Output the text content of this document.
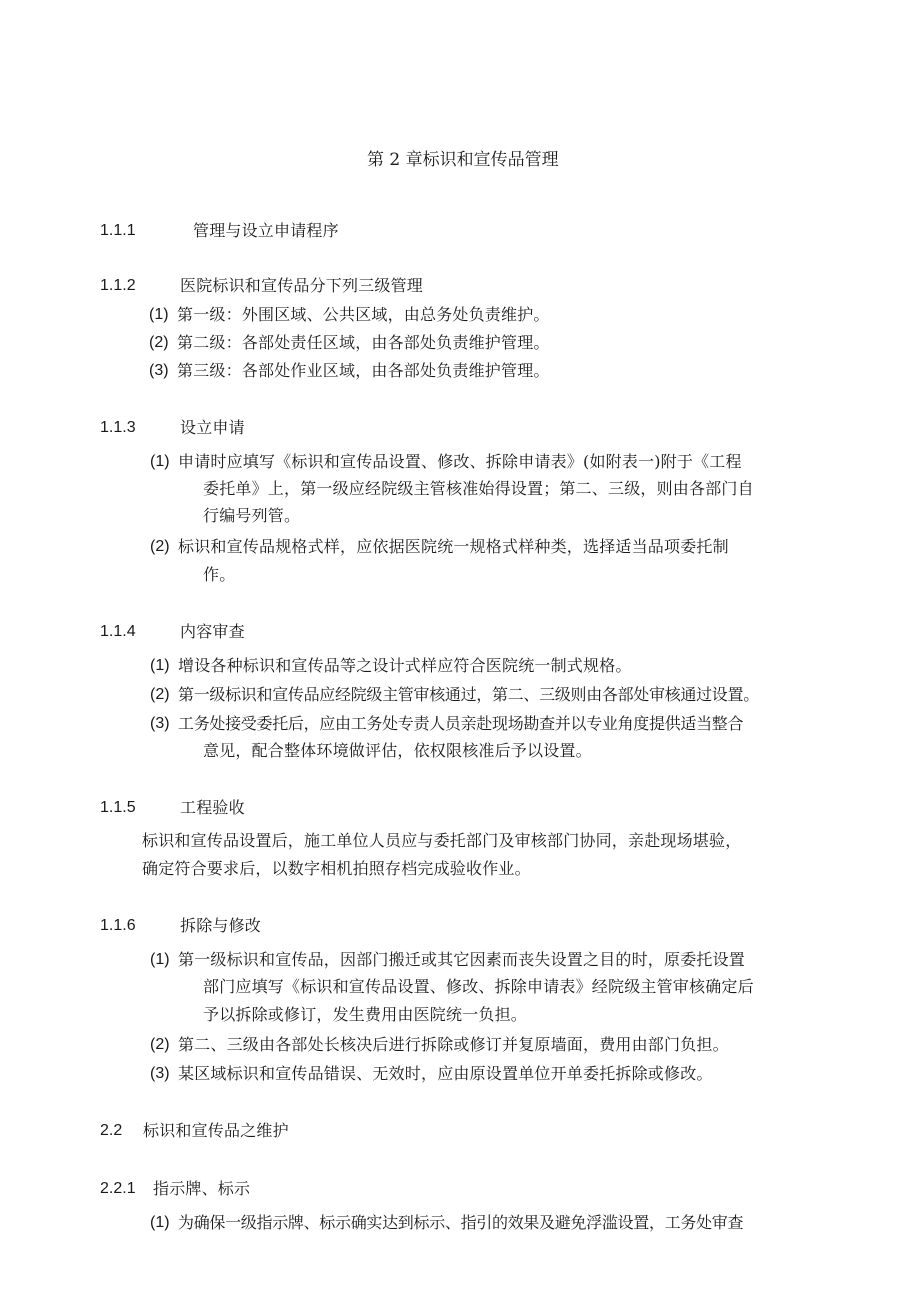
第 2 章标识和宣传品管理
1.1.1	管理与设立申请程序
1.1.2	医院标识和宣传品分下列三级管理
(1) 第一级：外围区域、公共区域，由总务处负责维护。
(2) 第二级：各部处责任区域，由各部处负责维护管理。
(3) 第三级：各部处作业区域，由各部处负责维护管理。
1.1.3	设立申请
(1) 申请时应填写《标识和宣传品设置、修改、拆除申请表》(如附表一)附于《工程
委托单》上，第一级应经院级主管核准始得设置；第二、三级，则由各部门自
行编号列管。
(2) 标识和宣传品规格式样，应依据医院统一规格式样种类，选择适当品项委托制
作。
1.1.4	内容审查
(1) 增设各种标识和宣传品等之设计式样应符合医院统一制式规格。
(2) 第一级标识和宣传品应经院级主管审核通过，第二、三级则由各部处审核通过设置。
(3) 工务处接受委托后，应由工务处专责人员亲赴现场勘查并以专业角度提供适当整合
意见，配合整体环境做评估，依权限核准后予以设置。
1.1.5	工程验收
标识和宣传品设置后，施工单位人员应与委托部门及审核部门协同，亲赴现场堪验，
确定符合要求后，以数字相机拍照存档完成验收作业。
1.1.6	拆除与修改
(1) 第一级标识和宣传品，因部门搬迁或其它因素而丧失设置之目的时，原委托设置
部门应填写《标识和宣传品设置、修改、拆除申请表》经院级主管审核确定后
予以拆除或修订，发生费用由医院统一负担。
(2) 第二、三级由各部处长核决后进行拆除或修订并复原墙面，费用由部门负担。
(3) 某区域标识和宣传品错误、无效时，应由原设置单位开单委托拆除或修改。
2.2 标识和宣传品之维护
2.2.1 指示牌、标示
(1) 为确保一级指示牌、标示确实达到标示、指引的效果及避免浮滥设置，工务处审查
